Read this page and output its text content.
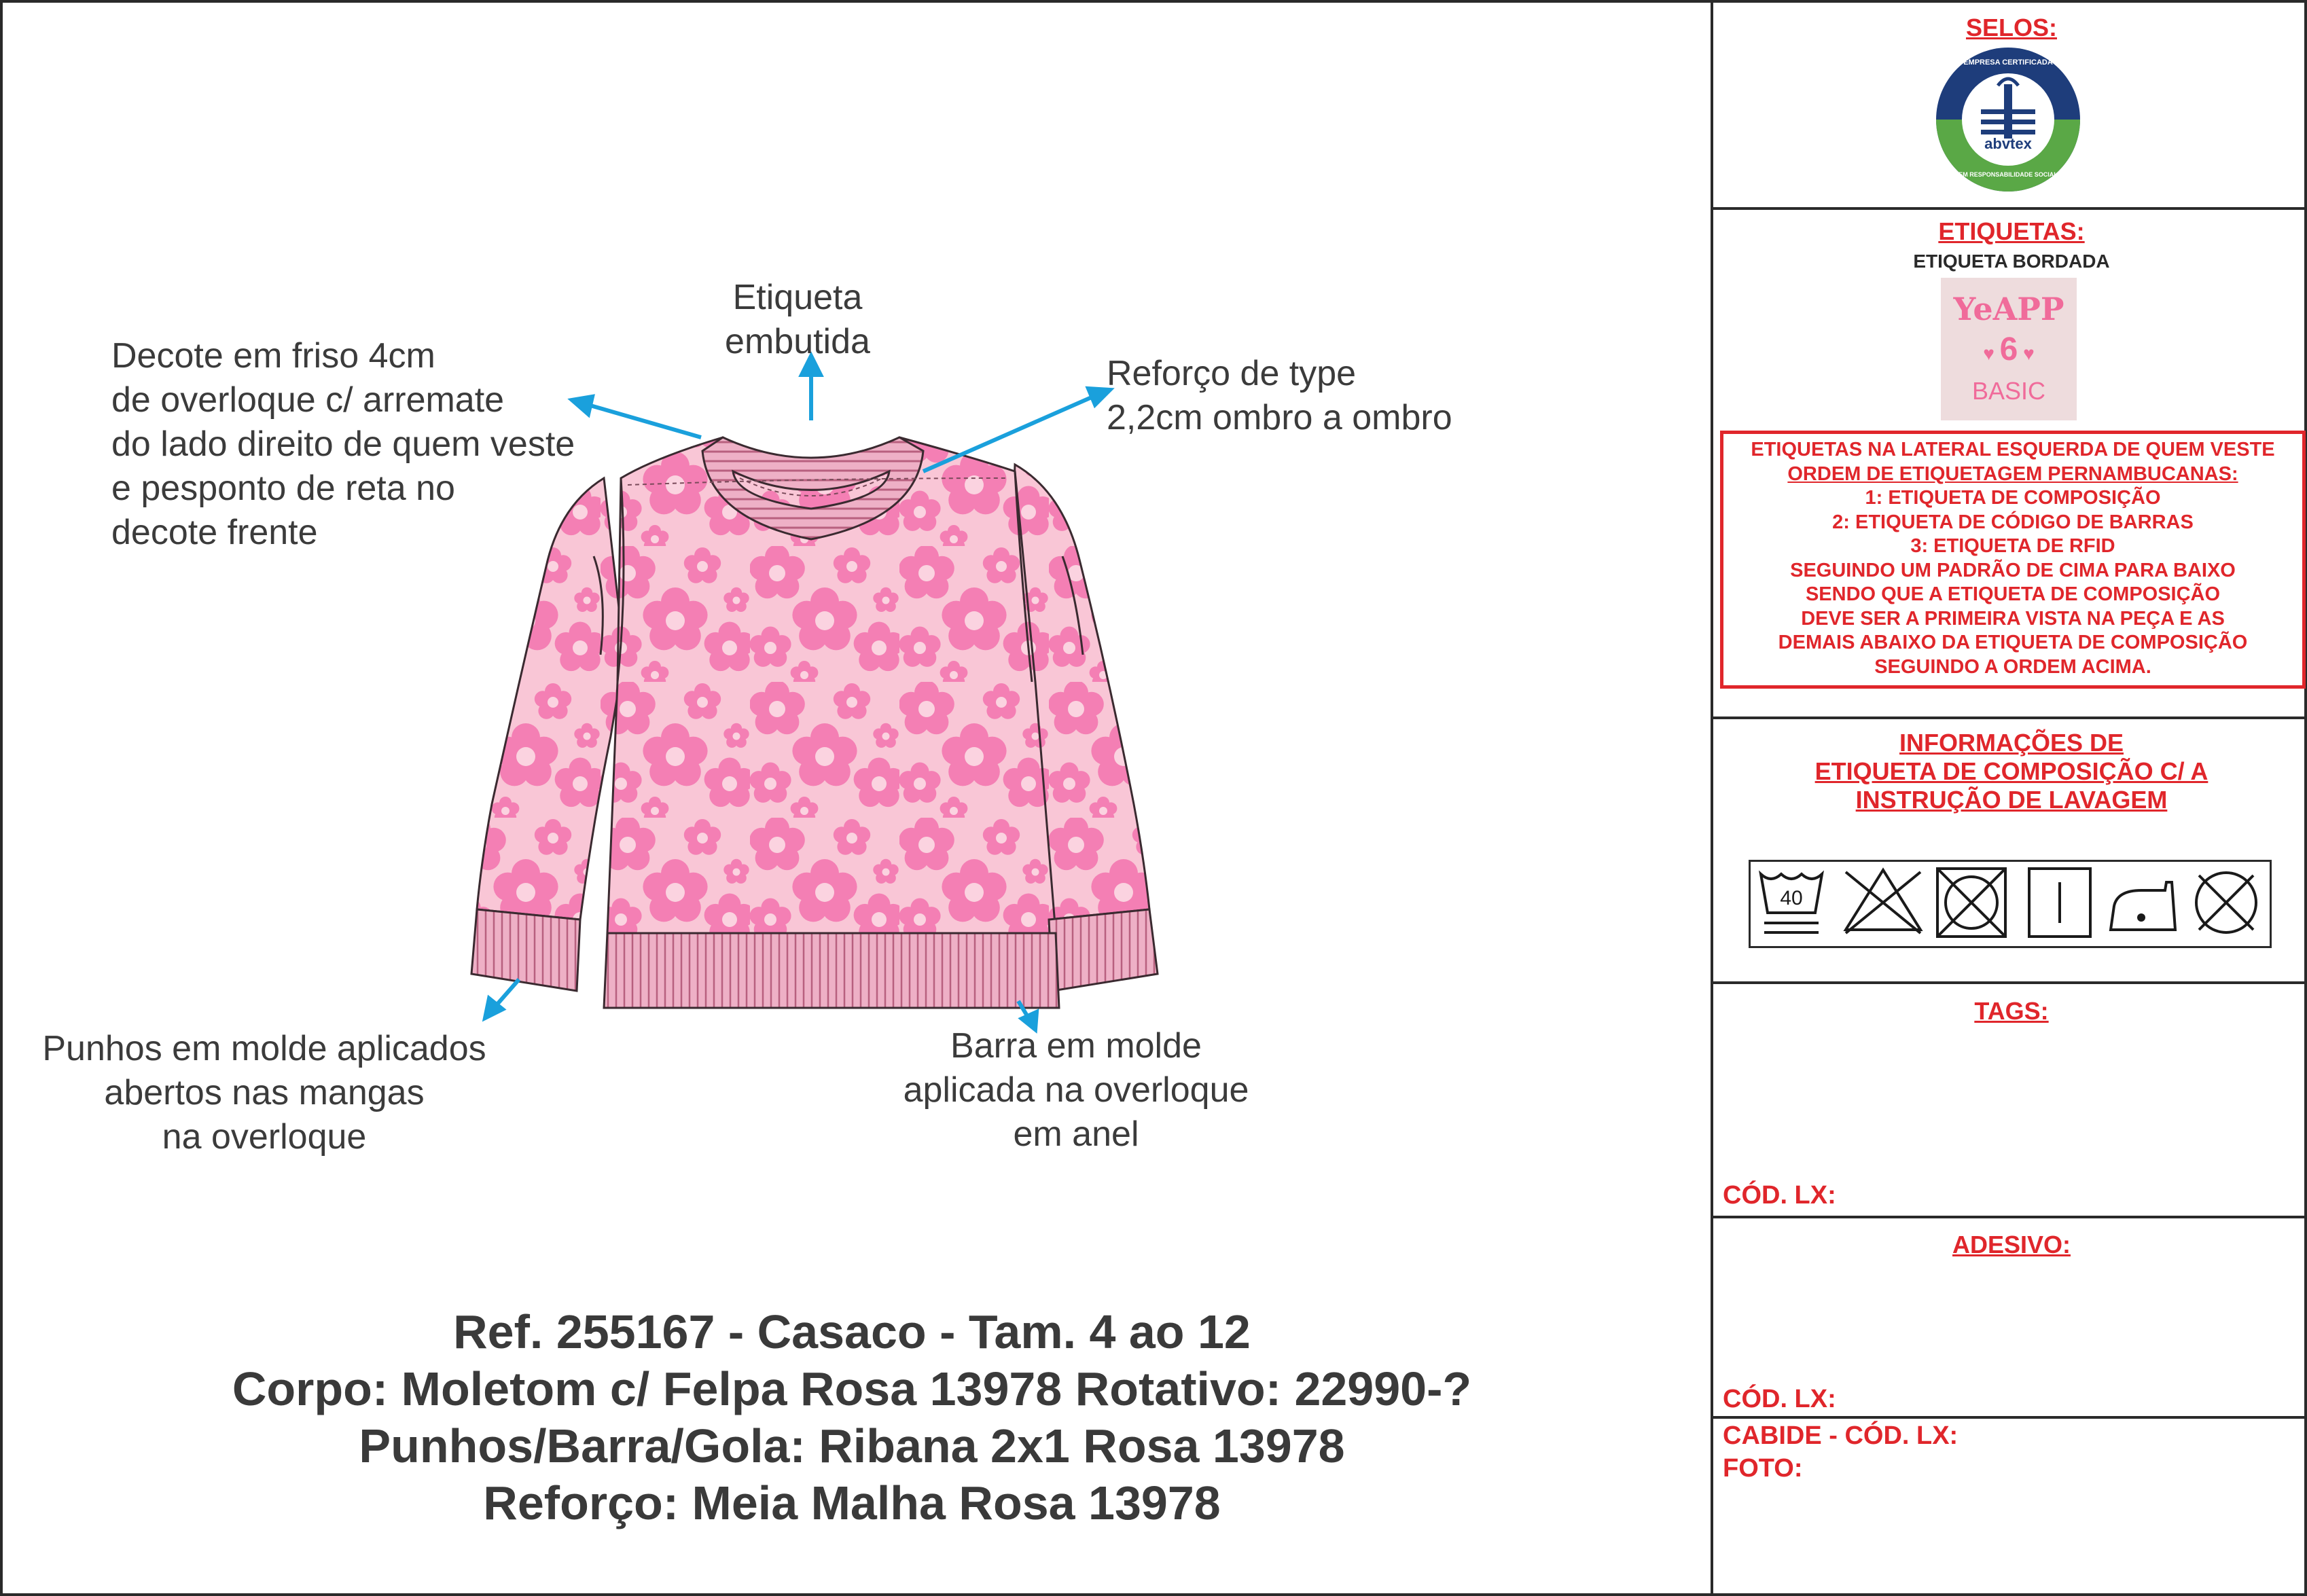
Etiqueta
embutida
Decote em friso 4cm
de overloque c/ arremate
do lado direito de quem veste
e pesponto de reta no
decote frente
Reforço de type
2,2cm ombro a ombro
Punhos em molde aplicados
abertos nas mangas
na overloque
Barra em molde
aplicada na overloque
em anel
Ref. 255167 - Casaco - Tam. 4 ao 12
Corpo: Moletom c/ Felpa Rosa 13978 Rotativo: 22990-?
Punhos/Barra/Gola: Ribana 2x1 Rosa 13978
Reforço: Meia Malha Rosa 13978
SELOS:
EMPRESA CERTIFICADA
abvtex
EM RESPONSABILIDADE SOCIAL
ETIQUETAS:
ETIQUETA BORDADA
YeAPP
♥ 6 ♥
BASIC
ETIQUETAS NA LATERAL ESQUERDA DE QUEM VESTE
ORDEM DE ETIQUETAGEM PERNAMBUCANAS:
1: ETIQUETA DE COMPOSIÇÃO
2: ETIQUETA DE CÓDIGO DE BARRAS
3: ETIQUETA DE RFID
SEGUINDO UM PADRÃO DE CIMA PARA BAIXO
SENDO QUE A ETIQUETA DE COMPOSIÇÃO
DEVE SER A PRIMEIRA VISTA NA PEÇA E AS
DEMAIS ABAIXO DA ETIQUETA DE COMPOSIÇÃO
SEGUINDO A ORDEM ACIMA.
INFORMAÇÕES DE
ETIQUETA DE COMPOSIÇÃO C/ A
INSTRUÇÃO DE LAVAGEM
40
TAGS:
CÓD. LX:
ADESIVO:
CÓD. LX:
CABIDE - CÓD. LX:
FOTO:
